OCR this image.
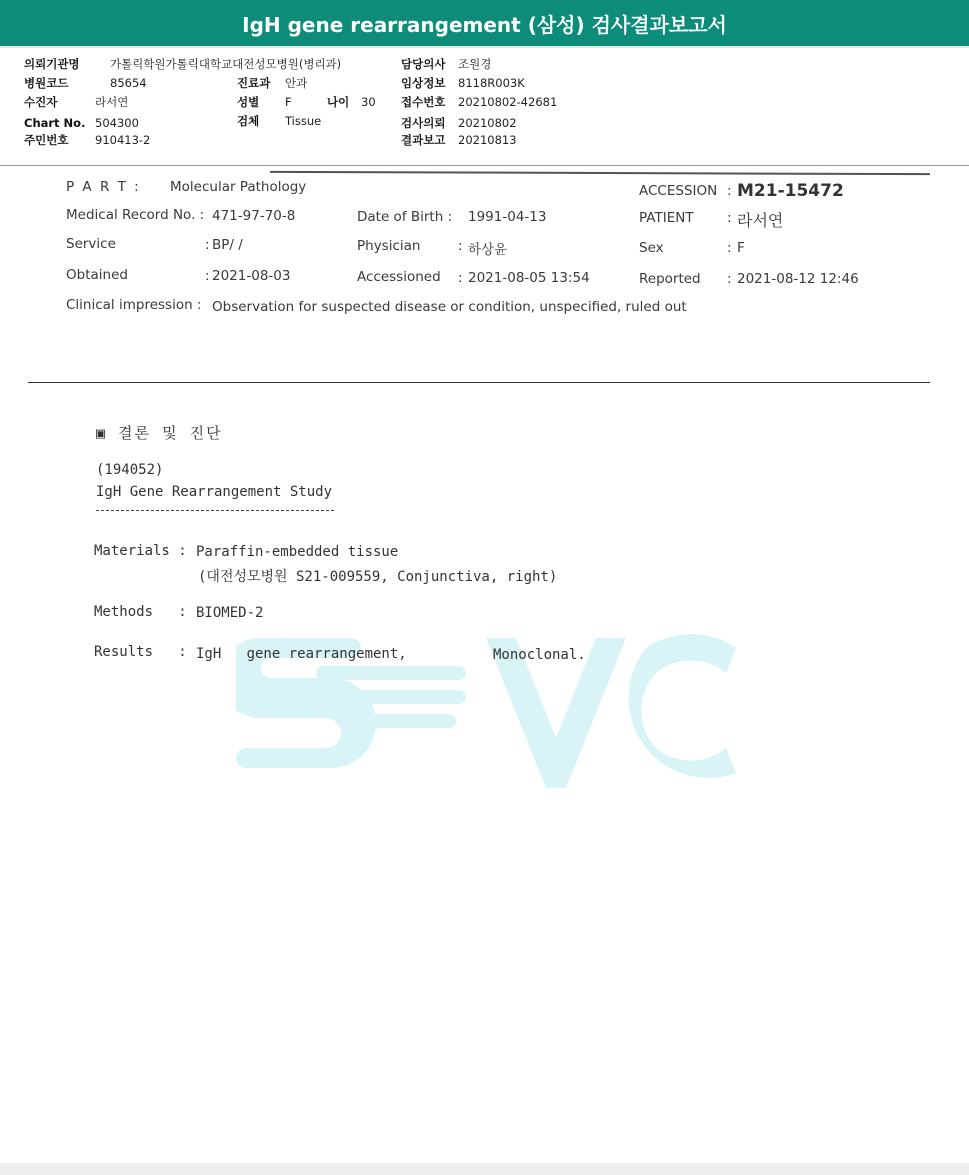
IgH gene rearrangement (삼성) 검사결과보고서
의뢰기관명	가톨릭학원가톨릭대학교대전성모병원(병리과)
병원코드	85654
수진자	라서연
Chart No. 504300
주민번호 910413-2
진료과 안과
성별 F	나이 30
검체 Tissue
담당의사 조원경
임상정보 8118R003K
접수번호 20210802-42681
검사의뢰 20210802
결과보고 20210813
P A R T : Molecular Pathology	ACCESSION : M21-15472
Medical Record No. : 471-97-70-8	Date of Birth : 1991-04-13	PATIENT : 라서연
Service	: BP/ /	Physician	: 하상윤	Sex	: F
Obtained	: 2021-08-03	Accessioned : 2021-08-05 13:54	Reported : 2021-08-12 12:46
Clinical impression : Observation for suspected disease or condition, unspecified, ruled out
▣ 결론 및 진단
(194052)
IgH Gene Rearrangement Study
Materials : Paraffin-embedded tissue
(대전성모병원 S21-009559, Conjunctiva, right)
Methods   : BIOMED-2
Results   : IgH   gene rearrangement,	Monoclonal.
